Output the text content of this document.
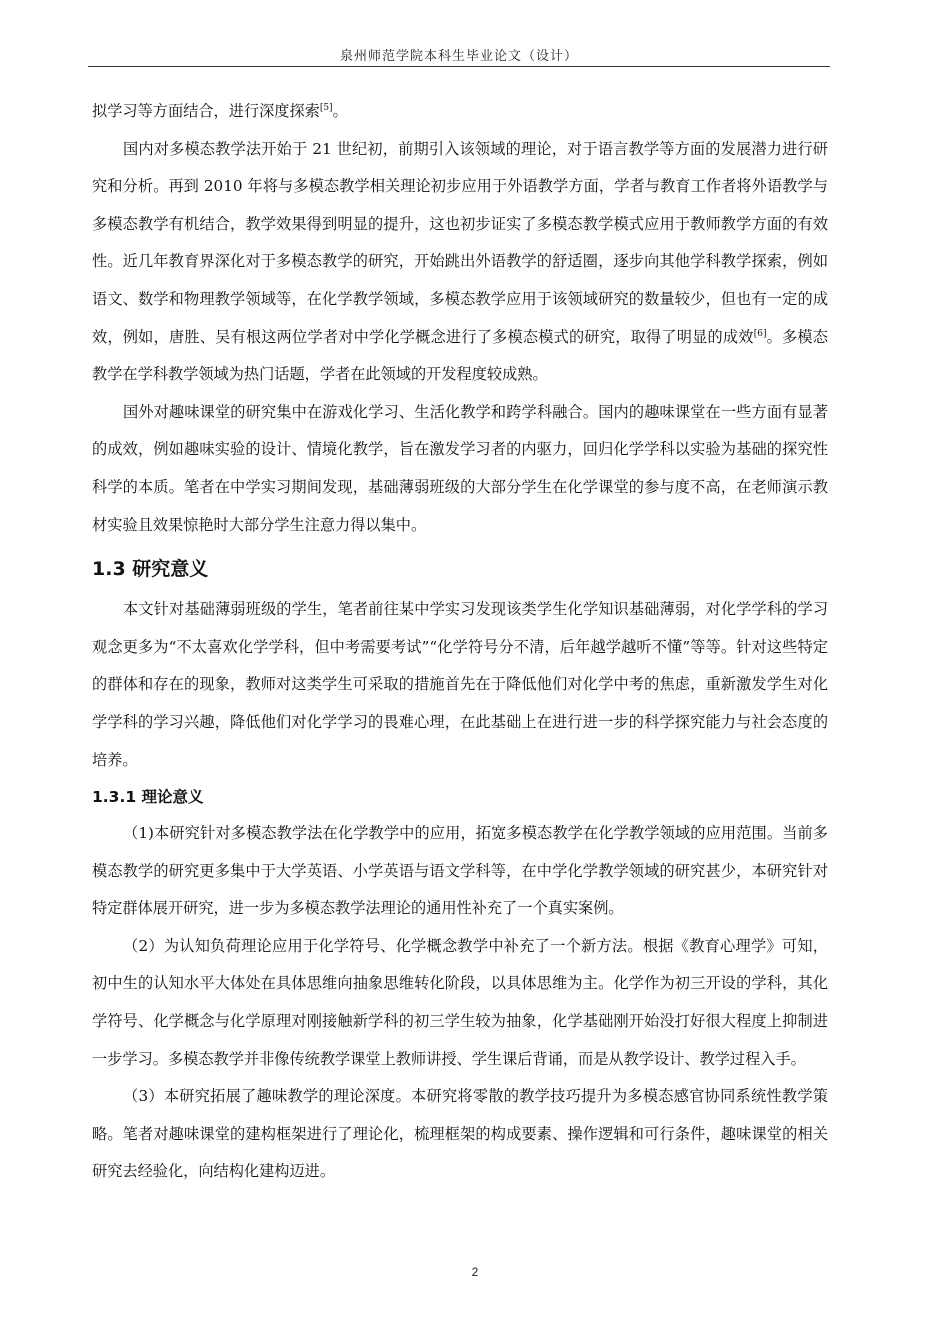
泉州师范学院本科生毕业论文（设计）

拟学习等方面结合，进行深度探索[5]。

国内对多模态教学法开始于 21 世纪初，前期引入该领域的理论，对于语言教学等方面的发展潜力进行研究和分析。再到 2010 年将与多模态教学相关理论初步应用于外语教学方面，学者与教育工作者将外语教学与多模态教学有机结合，教学效果得到明显的提升，这也初步证实了多模态教学模式应用于教师教学方面的有效性。近几年教育界深化对于多模态教学的研究，开始跳出外语教学的舒适圈，逐步向其他学科教学探索，例如语文、数学和物理教学领域等，在化学教学领域，多模态教学应用于该领域研究的数量较少，但也有一定的成效，例如，唐胜、吴有根这两位学者对中学化学概念进行了多模态模式的研究，取得了明显的成效[6]。多模态教学在学科教学领域为热门话题，学者在此领域的开发程度较成熟。

国外对趣味课堂的研究集中在游戏化学习、生活化教学和跨学科融合。国内的趣味课堂在一些方面有显著的成效，例如趣味实验的设计、情境化教学，旨在激发学习者的内驱力，回归化学学科以实验为基础的探究性科学的本质。笔者在中学实习期间发现，基础薄弱班级的大部分学生在化学课堂的参与度不高，在老师演示教材实验且效果惊艳时大部分学生注意力得以集中。

1.3 研究意义

本文针对基础薄弱班级的学生，笔者前往某中学实习发现该类学生化学知识基础薄弱，对化学学科的学习观念更多为“不太喜欢化学学科，但中考需要考试”“化学符号分不清，后年越学越听不懂”等等。针对这些特定的群体和存在的现象，教师对这类学生可采取的措施首先在于降低他们对化学中考的焦虑，重新激发学生对化学学科的学习兴趣，降低他们对化学学习的畏难心理，在此基础上在进行进一步的科学探究能力与社会态度的培养。

1.3.1 理论意义

（1)本研究针对多模态教学法在化学教学中的应用，拓宽多模态教学在化学教学领域的应用范围。当前多模态教学的研究更多集中于大学英语、小学英语与语文学科等，在中学化学教学领域的研究甚少，本研究针对特定群体展开研究，进一步为多模态教学法理论的通用性补充了一个真实案例。

（2）为认知负荷理论应用于化学符号、化学概念教学中补充了一个新方法。根据《教育心理学》可知，初中生的认知水平大体处在具体思维向抽象思维转化阶段，以具体思维为主。化学作为初三开设的学科，其化学符号、化学概念与化学原理对刚接触新学科的初三学生较为抽象，化学基础刚开始没打好很大程度上抑制进一步学习。多模态教学并非像传统教学课堂上教师讲授、学生课后背诵，而是从教学设计、教学过程入手。

（3）本研究拓展了趣味教学的理论深度。本研究将零散的教学技巧提升为多模态感官协同系统性教学策略。笔者对趣味课堂的建构框架进行了理论化，梳理框架的构成要素、操作逻辑和可行条件，趣味课堂的相关研究去经验化，向结构化建构迈进。

2
